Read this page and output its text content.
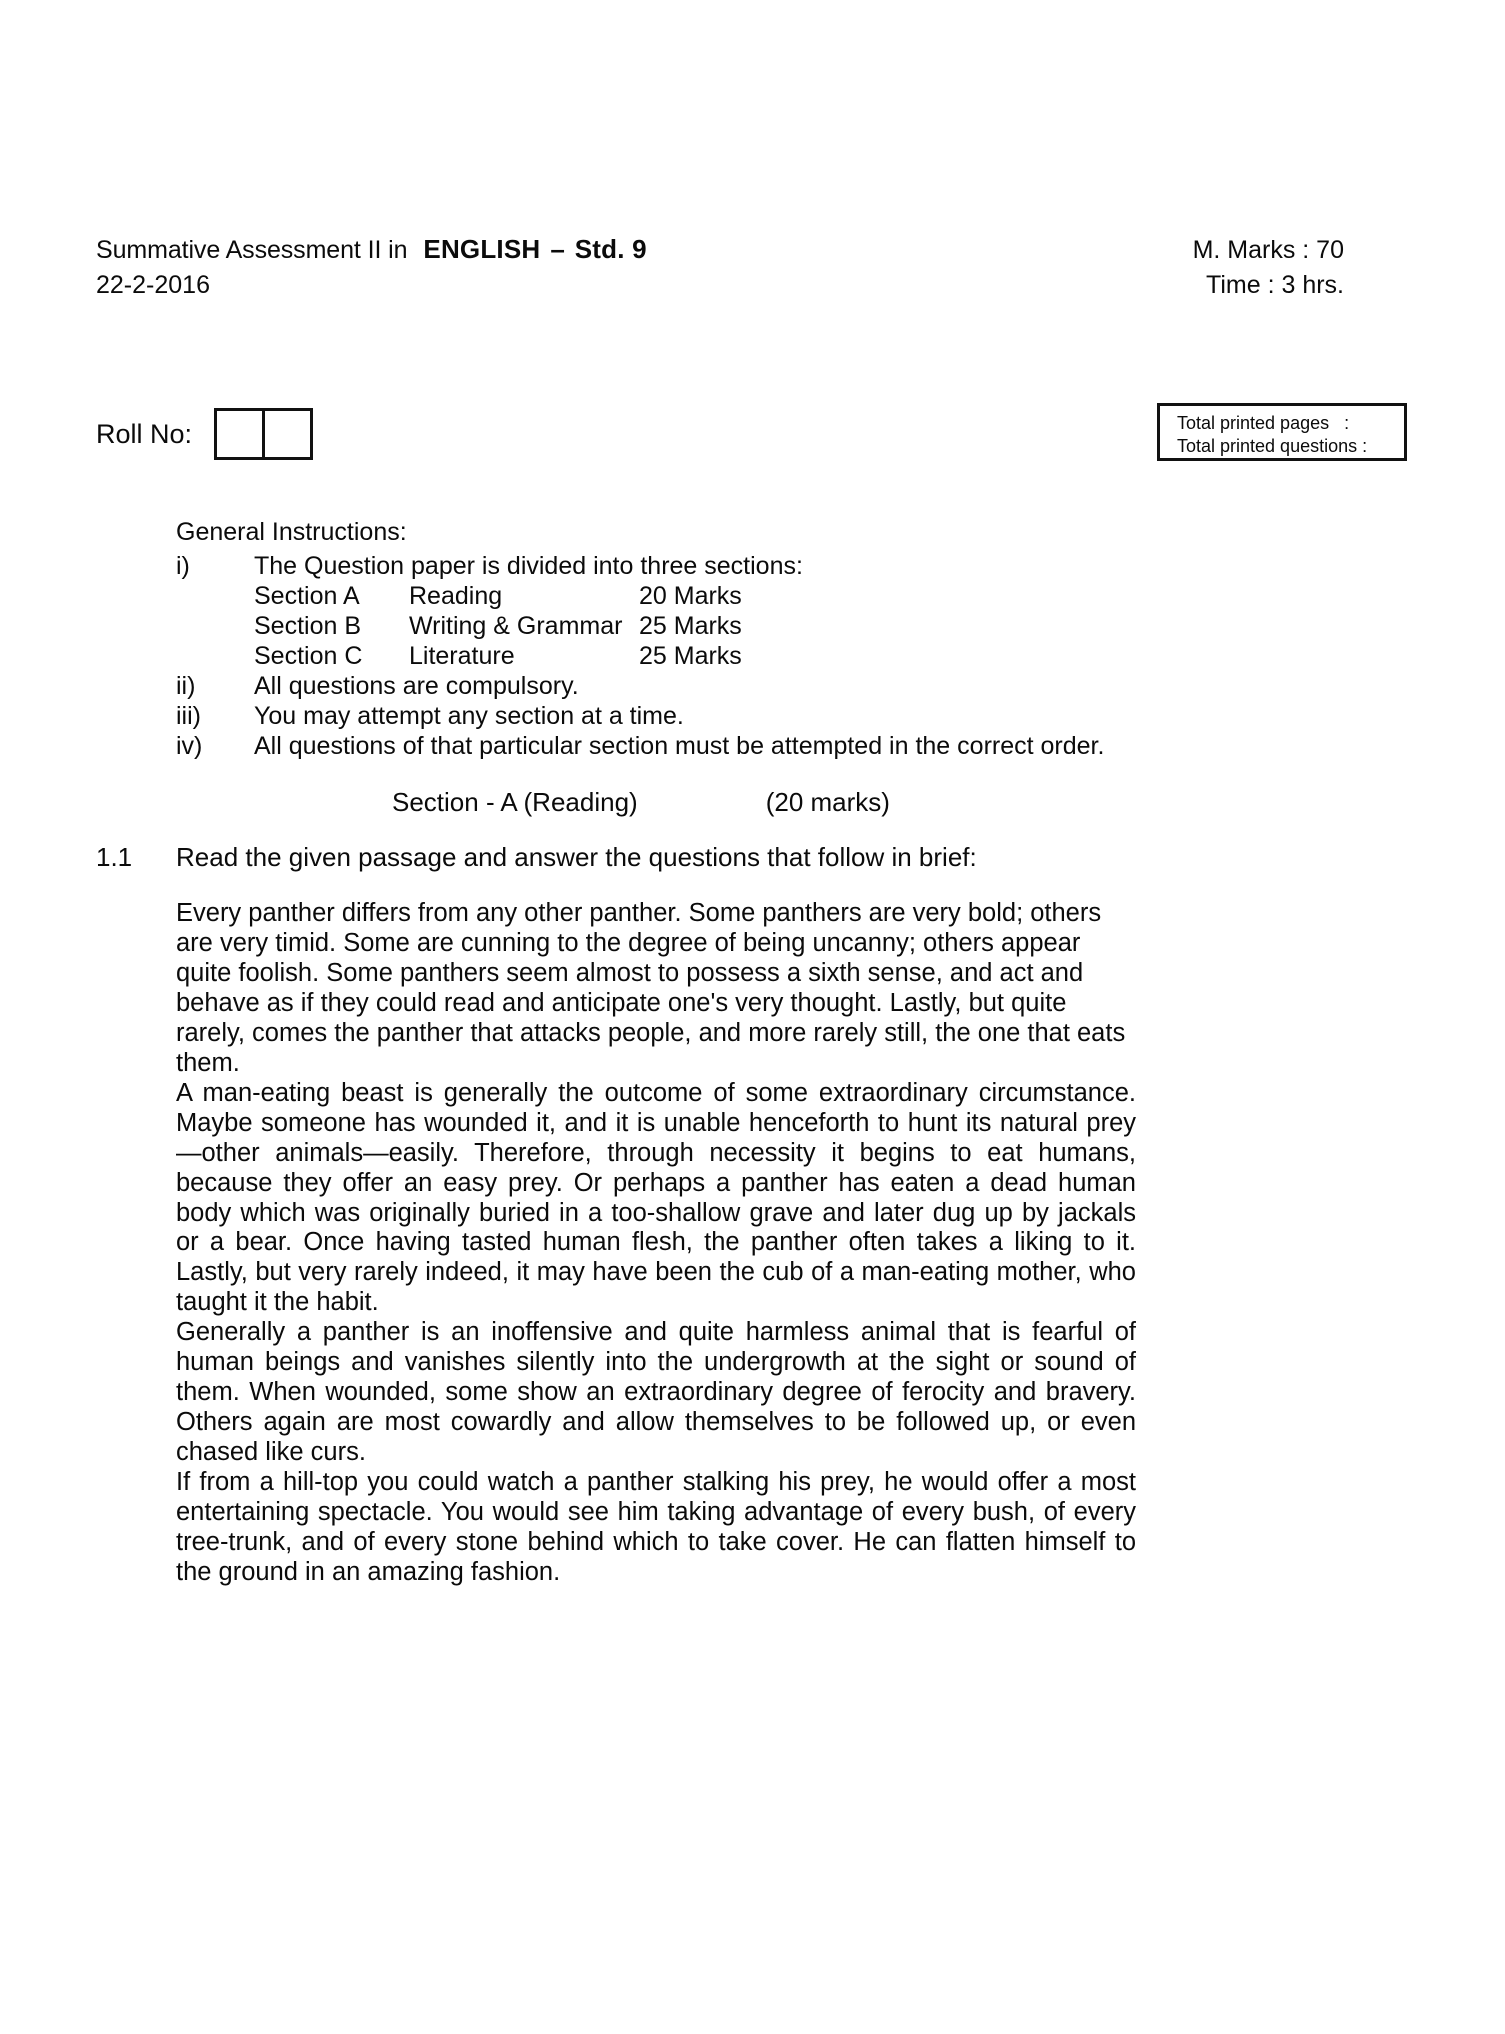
Summative Assessment II in ENGLISH – Std. 9	M. Marks : 70
22-2-2016	Time : 3 hrs.
Roll No:	Total printed pages   :
Total printed questions :
General Instructions:
i)	The Question paper is divided into three sections:
Section A	Reading	20 Marks
Section B	Writing & Grammar 25 Marks
Section C	Literature	25 Marks
ii)	All questions are compulsory.
iii)	You may attempt any section at a time.
iv)	All questions of that particular section must be attempted in the correct order.
Section - A (Reading)	(20 marks)
1.1	Read the given passage and answer the questions that follow in brief:

Every panther differs from any other panther. Some panthers are very bold; others are very timid. Some are cunning to the degree of being uncanny; others appear quite foolish. Some panthers seem almost to possess a sixth sense, and act and behave as if they could read and anticipate one's very thought. Lastly, but quite rarely, comes the panther that attacks people, and more rarely still, the one that eats them.

A man-eating beast is generally the outcome of some extraordinary circumstance. Maybe someone has wounded it, and it is unable henceforth to hunt its natural prey—other animals—easily. Therefore, through necessity it begins to eat humans, because they offer an easy prey. Or perhaps a panther has eaten a dead human body which was originally buried in a too-shallow grave and later dug up by jackals or a bear. Once having tasted human flesh, the panther often takes a liking to it. Lastly, but very rarely indeed, it may have been the cub of a man-eating mother, who taught it the habit.

Generally a panther is an inoffensive and quite harmless animal that is fearful of human beings and vanishes silently into the undergrowth at the sight or sound of them. When wounded, some show an extraordinary degree of ferocity and bravery. Others again are most cowardly and allow themselves to be followed up, or even chased like curs.

If from a hill-top you could watch a panther stalking his prey, he would offer a most entertaining spectacle. You would see him taking advantage of every bush, of every tree-trunk, and of every stone behind which to take cover. He can flatten himself to the ground in an amazing fashion.
